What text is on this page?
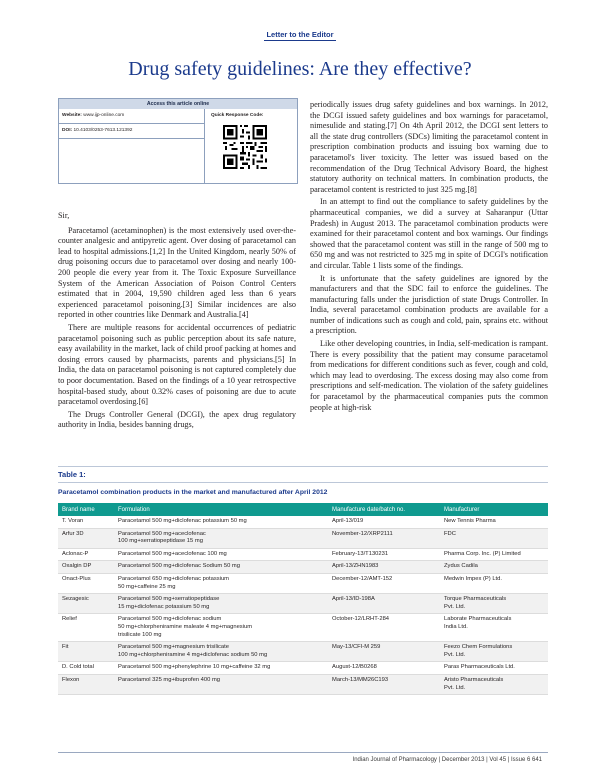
Letter to the Editor
Drug safety guidelines: Are they effective?
Access this article online
Website: www.ijp-online.com
DOI: 10.4103/0253-7613.121392
Quick Response Code:

Sir,

Paracetamol (acetaminophen) is the most extensively used over-the-counter analgesic and antipyretic agent. Over dosing of paracetamol can lead to hospital admissions.[1,2] In the United Kingdom, nearly 50% of drug poisoning occurs due to paracetamol over dosing and nearly 100-200 people die every year from it. The Toxic Exposure Surveillance System of the American Association of Poison Control Centers estimated that in 2004, 19,590 children aged less than 6 years experienced paracetamol poisoning.[3] Similar incidences are also reported in other countries like Denmark and Australia.[4]

There are multiple reasons for accidental occurrences of pediatric paracetamol poisoning such as public perception about its safe nature, easy availability in the market, lack of child proof packing at homes and dosing errors caused by pharmacists, parents and physicians.[5] In India, the data on paracetamol poisoning is not captured completely due to poor documentation. Based on the findings of a 10 year retrospective hospital-based study, about 0.32% cases of poisoning are due to acute paracetamol overdosing.[6]

The Drugs Controller General (DCGI), the apex drug regulatory authority in India, besides banning drugs,

periodically issues drug safety guidelines and box warnings. In 2012, the DCGI issued safety guidelines and box warnings for paracetamol, nimesulide and stating.[7] On 4th April 2012, the DCGI sent letters to all the state drug controllers (SDCs) limiting the paracetamol content in prescription combination products and issuing box warning due to paracetamol's liver toxicity. The letter was issued based on the recommendation of the Drug Technical Advisory Board, the highest statutory authority on technical matters. In combination products, the paracetamol content is restricted to just 325 mg.[8]

In an attempt to find out the compliance to safety guidelines by the pharmaceutical companies, we did a survey at Saharanpur (Uttar Pradesh) in August 2013. The paracetamol combination products were examined for their paracetamol content and box warnings. Our findings showed that the paracetamol content was still in the range of 500 mg to 650 mg and was not restricted to 325 mg in spite of DCGI's notification and circular. Table 1 lists some of the findings.

It is unfortunate that the safety guidelines are ignored by the manufacturers and that the SDC fail to enforce the guidelines. The manufacturing falls under the jurisdiction of state Drugs Controller. In India, several paracetamol combination products are available for a number of indications such as cough and cold, pain, sprains etc. without a prescription.

Like other developing countries, in India, self-medication is rampant. There is every possibility that the patient may consume paracetamol from medications for different conditions such as fever, cough and cold, which may lead to overdosing. The excess dosing may also come from prescriptions and self-medication. The violation of the safety guidelines for paracetamol by the pharmaceutical companies puts the common people at high-risk

Table 1:
Paracetamol combination products in the market and manufactured after April 2012
Brand name	Formulation	Manufacture date/batch no.	Manufacturer
T. Voran	Paracetamol 500 mg+diclofenac potassium 50 mg	April-13/019	New Tennis Pharma
Arfur 3D	Paracetamol 500 mg+aceclofenac
100 mg+serratiopeptidase 15 mg	November-12/XRP2111	FDC
Aclonac-P	Paracetamol 500 mg+aceclofenac 100 mg	February-13/T130231	Pharma Corp. Inc. (P) Limited
Oxalgin DP	Paracetamol 500 mg+diclofenac Sodium 50 mg	April-13/ZHN1983	Zydus Cadila
Onact-Plus	Paracetamol 650 mg+diclofenac potassium
50 mg+caffeine 25 mg	December-12/AMT-152	Medwin Impex (P) Ltd.
Sezagesic	Paracetamol 500 mg+serratiopeptidase
15 mg+diclofenac potassium 50 mg	April-13/ID-198A	Torque Pharmaceuticals
Pvt. Ltd.
Relief	Paracetamol 500 mg+diclofenac sodium
50 mg+chlorpheniramine maleate 4 mg+magnesium
trisilicate 100 mg	October-12/LRHT-284	Laborate Pharmaceuticals
India Ltd.
Fit	Paracetamol 500 mg+magnesium trisilicate
100 mg+chlorpheniramine 4 mg+diclofenac sodium 50 mg	May-13/CFI-M 259	Feezo Chem Formulations
Pvt. Ltd.
D. Cold total	Paracetamol 500 mg+phenylephrine 10 mg+caffeine 32 mg	August-12/B0268	Paras Pharmaceuticals Ltd.
Flexon	Paracetamol 325 mg+ibuprofen 400 mg	March-13/MM26C193	Aristo Pharmaceuticals
Pvt. Ltd.
Indian Journal of Pharmacology | December 2013 | Vol 45 | Issue 6 641
